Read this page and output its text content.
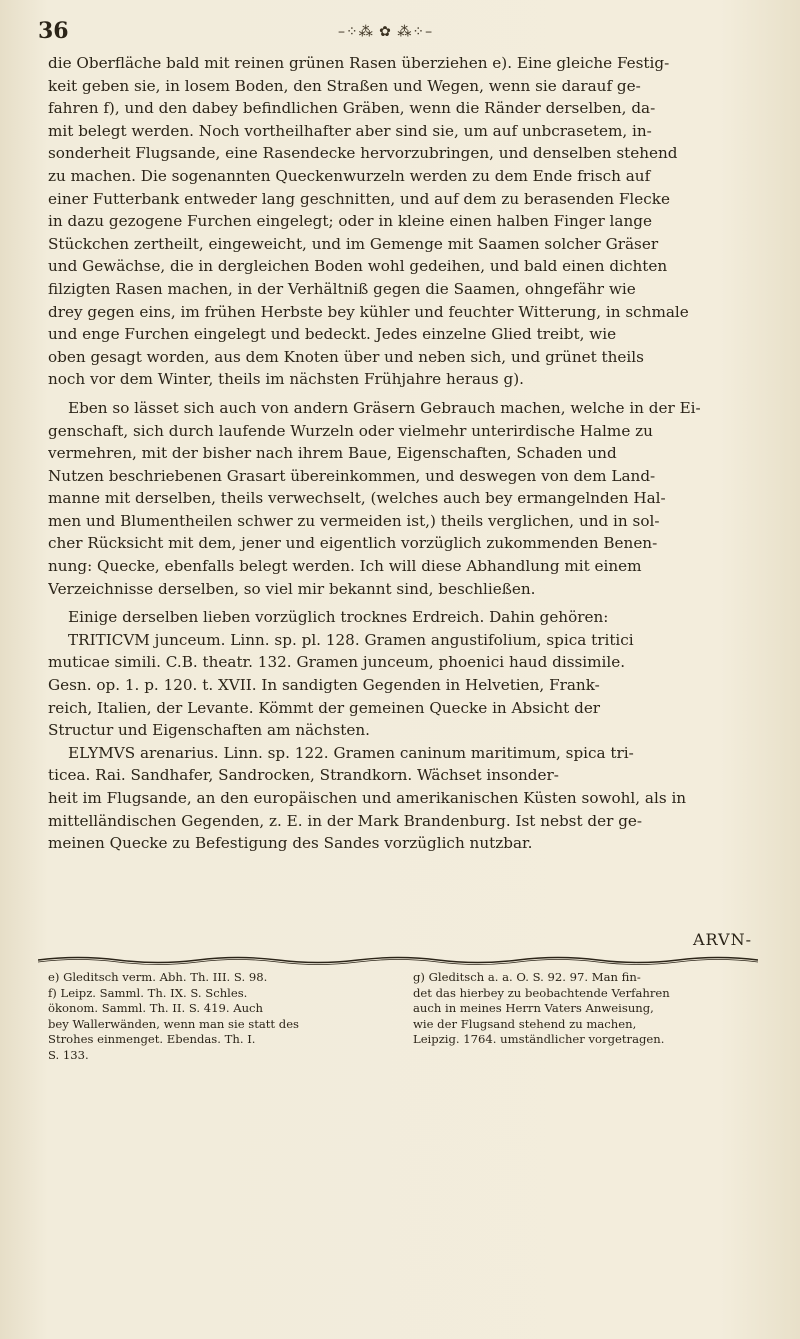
36	–⁘⁂ ✿ ⁂⁘–
die Oberfläche bald mit reinen grünen Rasen überziehen e). Eine gleiche Festig-
keit geben sie, in losem Boden, den Straßen und Wegen, wenn sie darauf ge-
fahren f), und den dabey befindlichen Gräben, wenn die Ränder derselben, da-
mit belegt werden. Noch vortheilhafter aber sind sie, um auf unbcrasetem, in-
sonderheit Flugsande, eine Rasendecke hervorzubringen, und denselben stehend
zu machen. Die sogenannten Queckenwurzeln werden zu dem Ende frisch auf
einer Futterbank entweder lang geschnitten, und auf dem zu berasenden Flecke
in dazu gezogene Furchen eingelegt; oder in kleine einen halben Finger lange
Stückchen zertheilt, eingeweicht, und im Gemenge mit Saamen solcher Gräser
und Gewächse, die in dergleichen Boden wohl gedeihen, und bald einen dichten
filzigten Rasen machen, in der Verhältniß gegen die Saamen, ohngefähr wie
drey gegen eins, im frühen Herbste bey kühler und feuchter Witterung, in schmale
und enge Furchen eingelegt und bedeckt. Jedes einzelne Glied treibt, wie
oben gesagt worden, aus dem Knoten über und neben sich, und grünet theils
noch vor dem Winter, theils im nächsten Frühjahre heraus g).
Eben so lässet sich auch von andern Gräsern Gebrauch machen, welche in der Ei-
genschaft, sich durch laufende Wurzeln oder vielmehr unterirdische Halme zu
vermehren, mit der bisher nach ihrem Baue, Eigenschaften, Schaden und
Nutzen beschriebenen Grasart übereinkommen, und deswegen von dem Land-
manne mit derselben, theils verwechselt, (welches auch bey ermangelnden Hal-
men und Blumentheilen schwer zu vermeiden ist,) theils verglichen, und in sol-
cher Rücksicht mit dem, jener und eigentlich vorzüglich zukommenden Benen-
nung: Quecke, ebenfalls belegt werden. Ich will diese Abhandlung mit einem
Verzeichnisse derselben, so viel mir bekannt sind, beschließen.
Einige derselben lieben vorzüglich trocknes Erdreich. Dahin gehören:
TRITICVM junceum. Linn. sp. pl. 128. Gramen angustifolium, spica tritici
muticae simili. C.B. theatr. 132. Gramen junceum, phoenici haud dissimile.
Gesn. op. 1. p. 120. t. XVII. In sandigten Gegenden in Helvetien, Frank-
reich, Italien, der Levante. Kömmt der gemeinen Quecke in Absicht der
Structur und Eigenschaften am nächsten.
ELYMVS arenarius. Linn. sp. 122. Gramen caninum maritimum, spica tri-
ticea. Rai. Sandhafer, Sandrocken, Strandkorn. Wächset insonder-
heit im Flugsande, an den europäischen und amerikanischen Küsten sowohl, als in
mittelländischen Gegenden, z. E. in der Mark Brandenburg. Ist nebst der ge-
meinen Quecke zu Befestigung des Sandes vorzüglich nutzbar.
ARVN-
e) Gleditsch verm. Abh. Th. III. S. 98.
f) Leipz. Samml. Th. IX. S. Schles.
ökonom. Samml. Th. II. S. 419. Auch
bey Wallerwänden, wenn man sie statt des
Strohes einmenget. Ebendas. Th. I.
S. 133.
g) Gleditsch a. a. O. S. 92. 97. Man fin-
det das hierbey zu beobachtende Verfahren
auch in meines Herrn Vaters Anweisung,
wie der Flugsand stehend zu machen,
Leipzig. 1764. umständlicher vorgetragen.
